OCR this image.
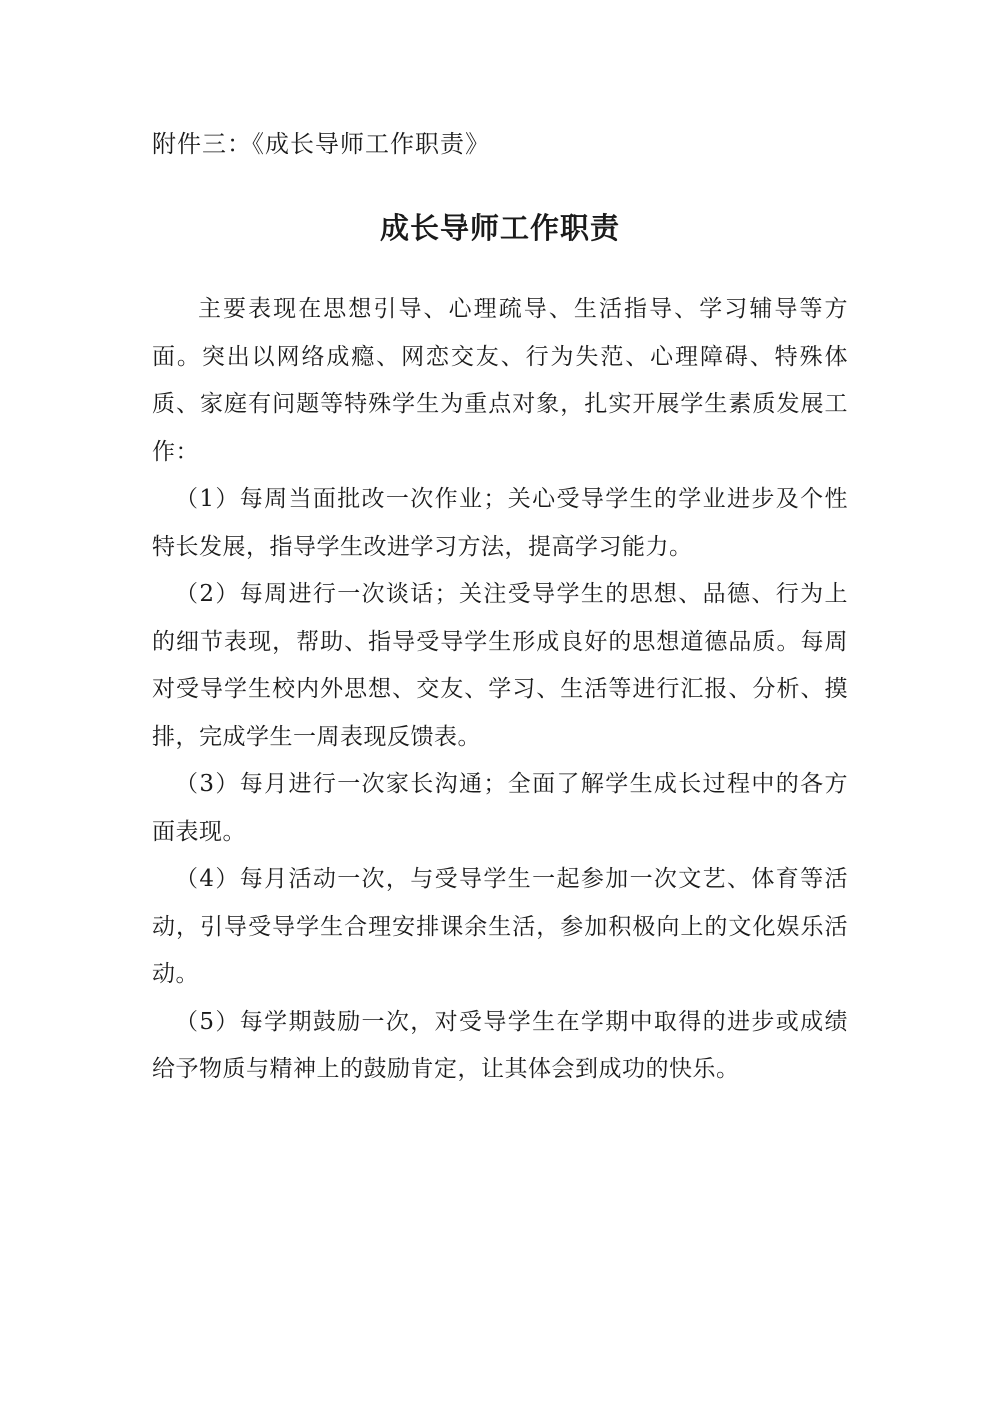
附件三：《成长导师工作职责》
成长导师工作职责

主要表现在思想引导、心理疏导、生活指导、学习辅导等方面。突出以网络成瘾、网恋交友、行为失范、心理障碍、特殊体质、家庭有问题等特殊学生为重点对象，扎实开展学生素质发展工作：

（1）每周当面批改一次作业；关心受导学生的学业进步及个性特长发展，指导学生改进学习方法，提高学习能力。

（2）每周进行一次谈话；关注受导学生的思想、品德、行为上的细节表现，帮助、指导受导学生形成良好的思想道德品质。每周对受导学生校内外思想、交友、学习、生活等进行汇报、分析、摸排，完成学生一周表现反馈表。

（3）每月进行一次家长沟通；全面了解学生成长过程中的各方面表现。

（4）每月活动一次，与受导学生一起参加一次文艺、体育等活动，引导受导学生合理安排课余生活，参加积极向上的文化娱乐活动。

（5）每学期鼓励一次，对受导学生在学期中取得的进步或成绩给予物质与精神上的鼓励肯定，让其体会到成功的快乐。
